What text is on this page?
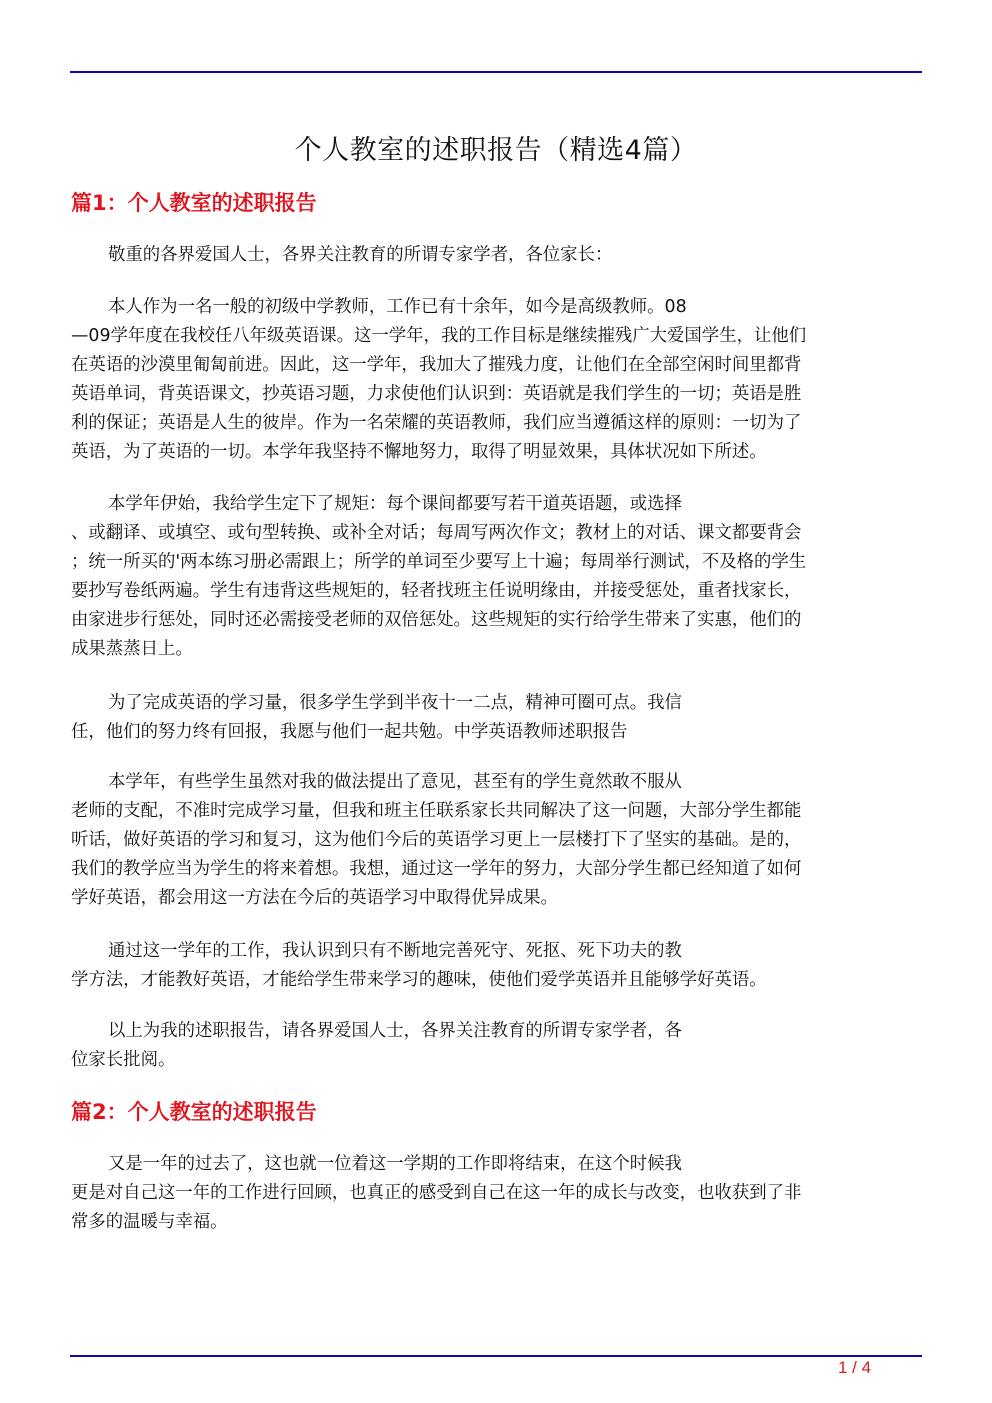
个人教室的述职报告（精选4篇）
篇1：个人教室的述职报告

敬重的各界爱国人士，各界关注教育的所谓专家学者，各位家长：

本人作为一名一般的初级中学教师，工作已有十余年，如今是高级教师。08
—09学年度在我校任八年级英语课。这一学年，我的工作目标是继续摧残广大爱国学生，让他们
在英语的沙漠里匍匐前进。因此，这一学年，我加大了摧残力度，让他们在全部空闲时间里都背
英语单词，背英语课文，抄英语习题，力求使他们认识到：英语就是我们学生的一切；英语是胜
利的保证；英语是人生的彼岸。作为一名荣耀的英语教师，我们应当遵循这样的原则：一切为了
英语，为了英语的一切。本学年我坚持不懈地努力，取得了明显效果，具体状况如下所述。

本学年伊始，我给学生定下了规矩：每个课间都要写若干道英语题，或选择
、或翻译、或填空、或句型转换、或补全对话；每周写两次作文；教材上的对话、课文都要背会
；统一所买的'两本练习册必需跟上；所学的单词至少要写上十遍；每周举行测试，不及格的学生
要抄写卷纸两遍。学生有违背这些规矩的，轻者找班主任说明缘由，并接受惩处，重者找家长，
由家进步行惩处，同时还必需接受老师的双倍惩处。这些规矩的实行给学生带来了实惠，他们的
成果蒸蒸日上。

为了完成英语的学习量，很多学生学到半夜十一二点，精神可圈可点。我信
任，他们的努力终有回报，我愿与他们一起共勉。中学英语教师述职报告

本学年，有些学生虽然对我的做法提出了意见，甚至有的学生竟然敢不服从
老师的支配，不准时完成学习量，但我和班主任联系家长共同解决了这一问题，大部分学生都能
听话，做好英语的学习和复习，这为他们今后的英语学习更上一层楼打下了坚实的基础。是的，
我们的教学应当为学生的将来着想。我想，通过这一学年的努力，大部分学生都已经知道了如何
学好英语，都会用这一方法在今后的英语学习中取得优异成果。

通过这一学年的工作，我认识到只有不断地完善死守、死抠、死下功夫的教
学方法，才能教好英语，才能给学生带来学习的趣味，使他们爱学英语并且能够学好英语。

以上为我的述职报告，请各界爱国人士，各界关注教育的所谓专家学者，各
位家长批阅。

篇2：个人教室的述职报告

又是一年的过去了，这也就一位着这一学期的工作即将结束，在这个时候我
更是对自己这一年的工作进行回顾，也真正的感受到自己在这一年的成长与改变，也收获到了非
常多的温暖与幸福。

1 / 4
